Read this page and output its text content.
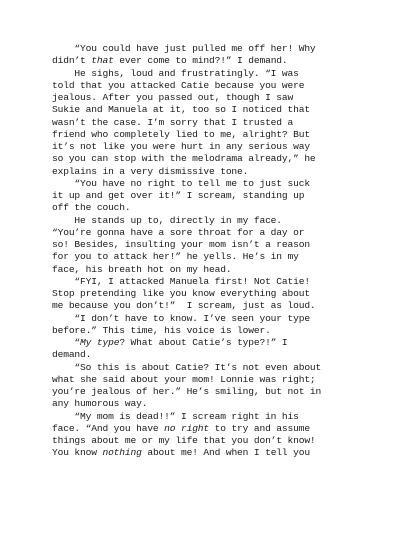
“You could have just pulled me off her! Why
didn’t that ever come to mind?!” I demand.
He sighs, loud and frustratingly. “I was
told that you attacked Catie because you were
jealous. After you passed out, though I saw
Sukie and Manuela at it, too so I noticed that
wasn’t the case. I’m sorry that I trusted a
friend who completely lied to me, alright? But
it’s not like you were hurt in any serious way
so you can stop with the melodrama already,” he
explains in a very dismissive tone.
“You have no right to tell me to just suck
it up and get over it!” I scream, standing up
off the couch.
He stands up to, directly in my face.
“You’re gonna have a sore throat for a day or
so! Besides, insulting your mom isn’t a reason
for you to attack her!” he yells. He’s in my
face, his breath hot on my head.
“FYI, I attacked Manuela first! Not Catie!
Stop pretending like you know everything about
me because you don’t!”  I scream, just as loud.
“I don’t have to know. I’ve seen your type
before.” This time, his voice is lower.
“My type? What about Catie’s type?!” I
demand.
“So this is about Catie? It’s not even about
what she said about your mom! Lonnie was right;
you’re jealous of her.” He’s smiling, but not in
any humorous way.
“My mom is dead!!” I scream right in his
face. “And you have no right to try and assume
things about me or my life that you don’t know!
You know nothing about me! And when I tell you
